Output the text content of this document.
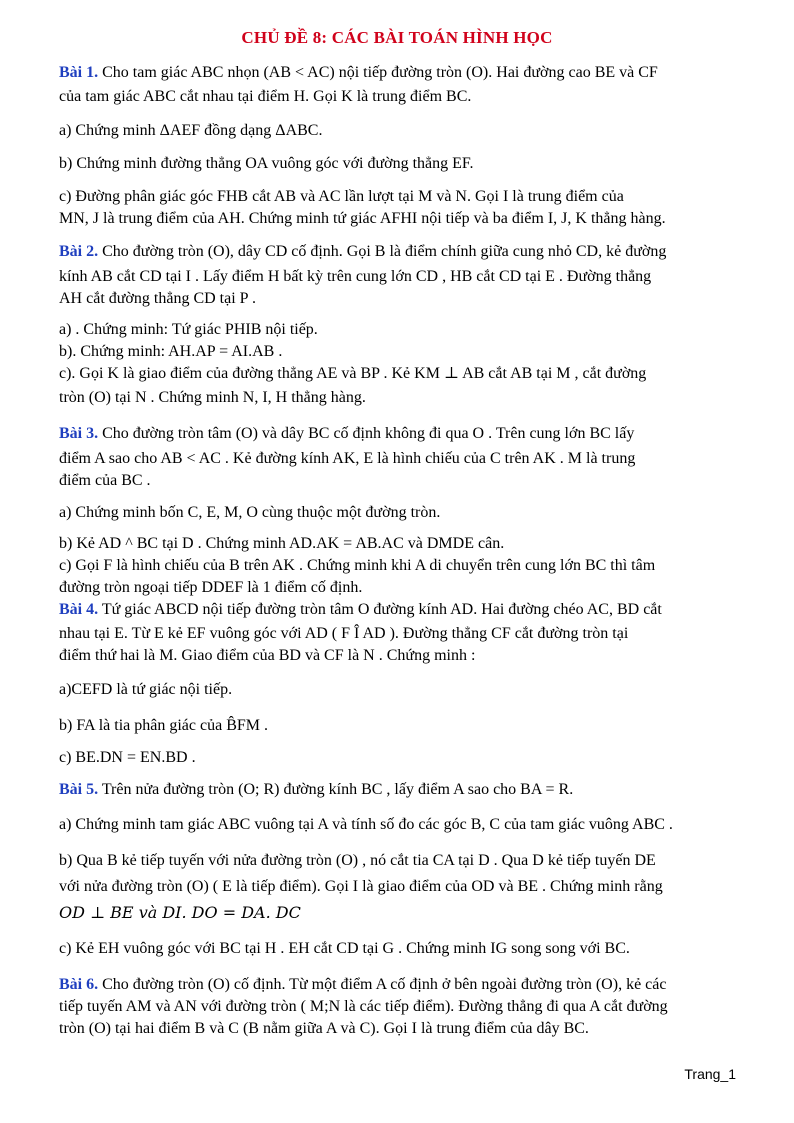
CHỦ ĐỀ 8: CÁC BÀI TOÁN HÌNH HỌC

Bài 1. Cho tam giác ABC nhọn (AB < AC) nội tiếp đường tròn (O). Hai đường cao BE và CF

của tam giác ABC cắt nhau tại điểm H. Gọi K là trung điểm BC.

a) Chứng minh ΔAEF đồng dạng ΔABC.

b) Chứng minh đường thẳng OA vuông góc với đường thẳng EF.

c) Đường phân giác góc FHB cắt AB và AC lần lượt tại M và N. Gọi I là trung điểm của

MN, J là trung điểm của AH. Chứng minh tứ giác AFHI nội tiếp và ba điểm I, J, K thẳng hàng.

Bài 2. Cho đường tròn (O), dây CD cố định. Gọi B là điểm chính giữa cung nhỏ CD, kẻ đường

kính AB cắt CD tại I . Lấy điểm H bất kỳ trên cung lớn CD , HB cắt CD tại E . Đường thẳng

AH cắt đường thẳng CD tại P .

a) . Chứng minh: Tứ giác PHIB nội tiếp.

b). Chứng minh: AH.AP = AI.AB .

c). Gọi K là giao điểm của đường thẳng AE và BP . Kẻ KM ⊥ AB cắt AB tại M , cắt đường

tròn (O) tại N . Chứng minh N, I, H thẳng hàng.

Bài 3. Cho đường tròn tâm (O) và dây BC cố định không đi qua O . Trên cung lớn BC lấy

điểm A sao cho AB < AC . Kẻ đường kính AK, E là hình chiếu của C trên AK . M là trung

điểm của BC .

a) Chứng minh bốn C, E, M, O cùng thuộc một đường tròn.

b) Kẻ AD ^ BC tại D . Chứng minh AD.AK = AB.AC và DMDE cân.

c) Gọi F là hình chiếu của B trên AK . Chứng minh khi A di chuyển trên cung lớn BC thì tâm

đường tròn ngoại tiếp DDEF là 1 điểm cố định.

Bài 4. Tứ giác ABCD nội tiếp đường tròn tâm O đường kính AD. Hai đường chéo AC, BD cắt

nhau tại E. Từ E kẻ EF vuông góc với AD ( F Î AD ). Đường thẳng CF cắt đường tròn tại

điểm thứ hai là M. Giao điểm của BD và CF là N . Chứng minh :

a)CEFD là tứ giác nội tiếp.

b) FA là tia phân giác của B̂FM .

c) BE.DN = EN.BD .

Bài 5. Trên nửa đường tròn (O; R) đường kính BC , lấy điểm A sao cho BA = R.

a) Chứng minh tam giác ABC vuông tại A và tính số đo các góc B, C của tam giác vuông ABC .

b) Qua B kẻ tiếp tuyến với nửa đường tròn (O) , nó cắt tia CA tại D . Qua D kẻ tiếp tuyến DE

với nửa đường tròn (O) ( E là tiếp điểm). Gọi I là giao điểm của OD và BE . Chứng minh rằng

OD ⊥ BE và DI. DO = DA. DC

c) Kẻ EH vuông góc với BC tại H . EH cắt CD tại G . Chứng minh IG song song với BC.

Bài 6. Cho đường tròn (O) cố định. Từ một điểm A cố định ở bên ngoài đường tròn (O), kẻ các

tiếp tuyến AM và AN với đường tròn ( M;N là các tiếp điểm). Đường thẳng đi qua A cắt đường

tròn (O) tại hai điểm B và C (B nằm giữa A và C). Gọi I là trung điểm của dây BC.

Trang_1
